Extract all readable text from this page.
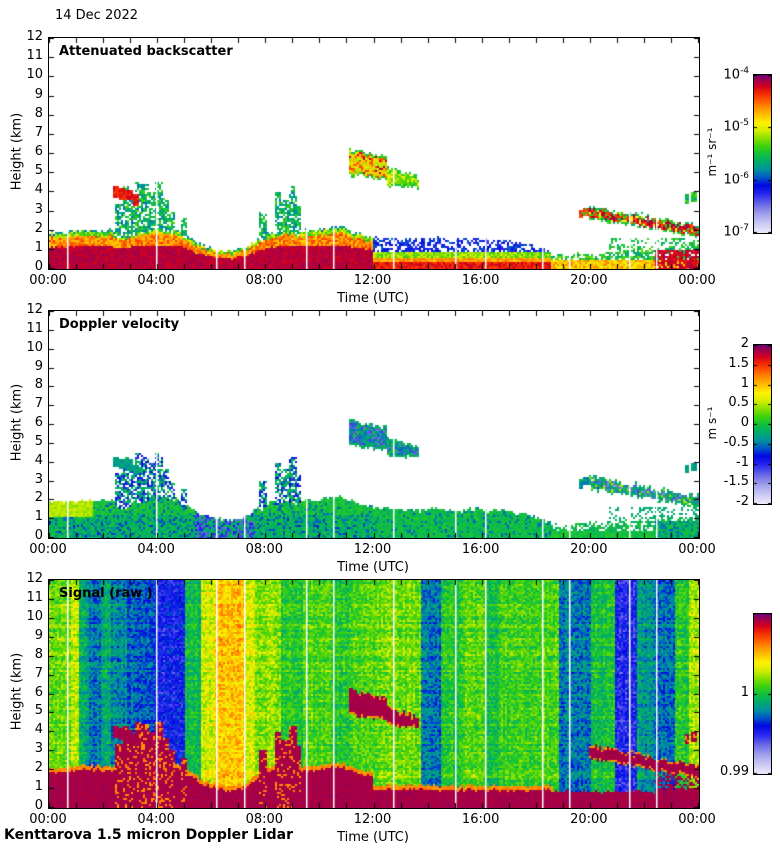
14 Dec 2022
Attenuated backscatter
Doppler velocity
Signal (raw )
Kenttarova 1.5 micron Doppler Lidar
0
1
2
3
4
5
6
7
8
9
10
11
12
00:00	04:00	08:00	12:00	16:00	20:00	00:00
Time (UTC)
Height (km)
0
1
2
3
4
5
6
7
8
9
10
11
12
00:00	04:00	08:00	12:00	16:00	20:00	00:00
Time (UTC)
Height (km)
0
1
2
3
4
5
6
7
8
9
10
11
12
00:00	04:00	08:00	12:00	16:00	20:00	00:00
Time (UTC)
Height (km)
$10^{-4}$
$10^{-5}$
$10^{-6}$
$10^{-7}$
m⁻¹ sr⁻¹
2
1.5
1
0.5
0
-0.5
-1
-1.5
-2
m s⁻¹
1
0.99
